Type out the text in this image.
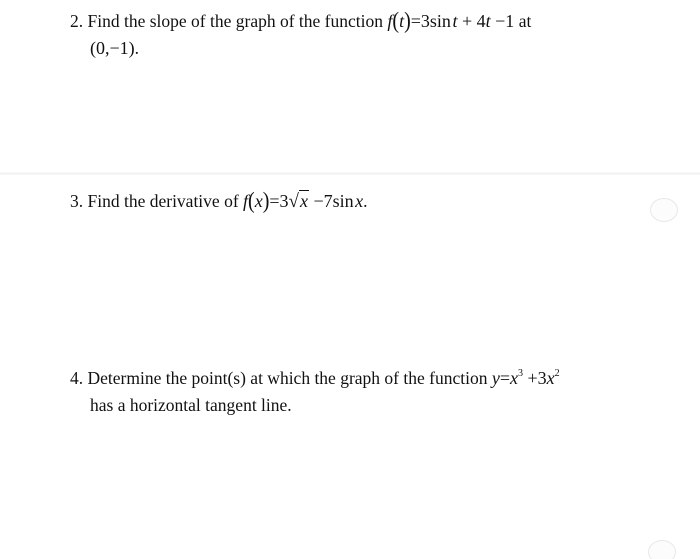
2. Find the slope of the graph of the function f(t)=3sin t + 4t −1 at
(0,−1).
3. Find the derivative of f(x)=3√x −7sin x.
4. Determine the point(s) at which the graph of the function $y=x^3 +3x^2$
has a horizontal tangent line.
